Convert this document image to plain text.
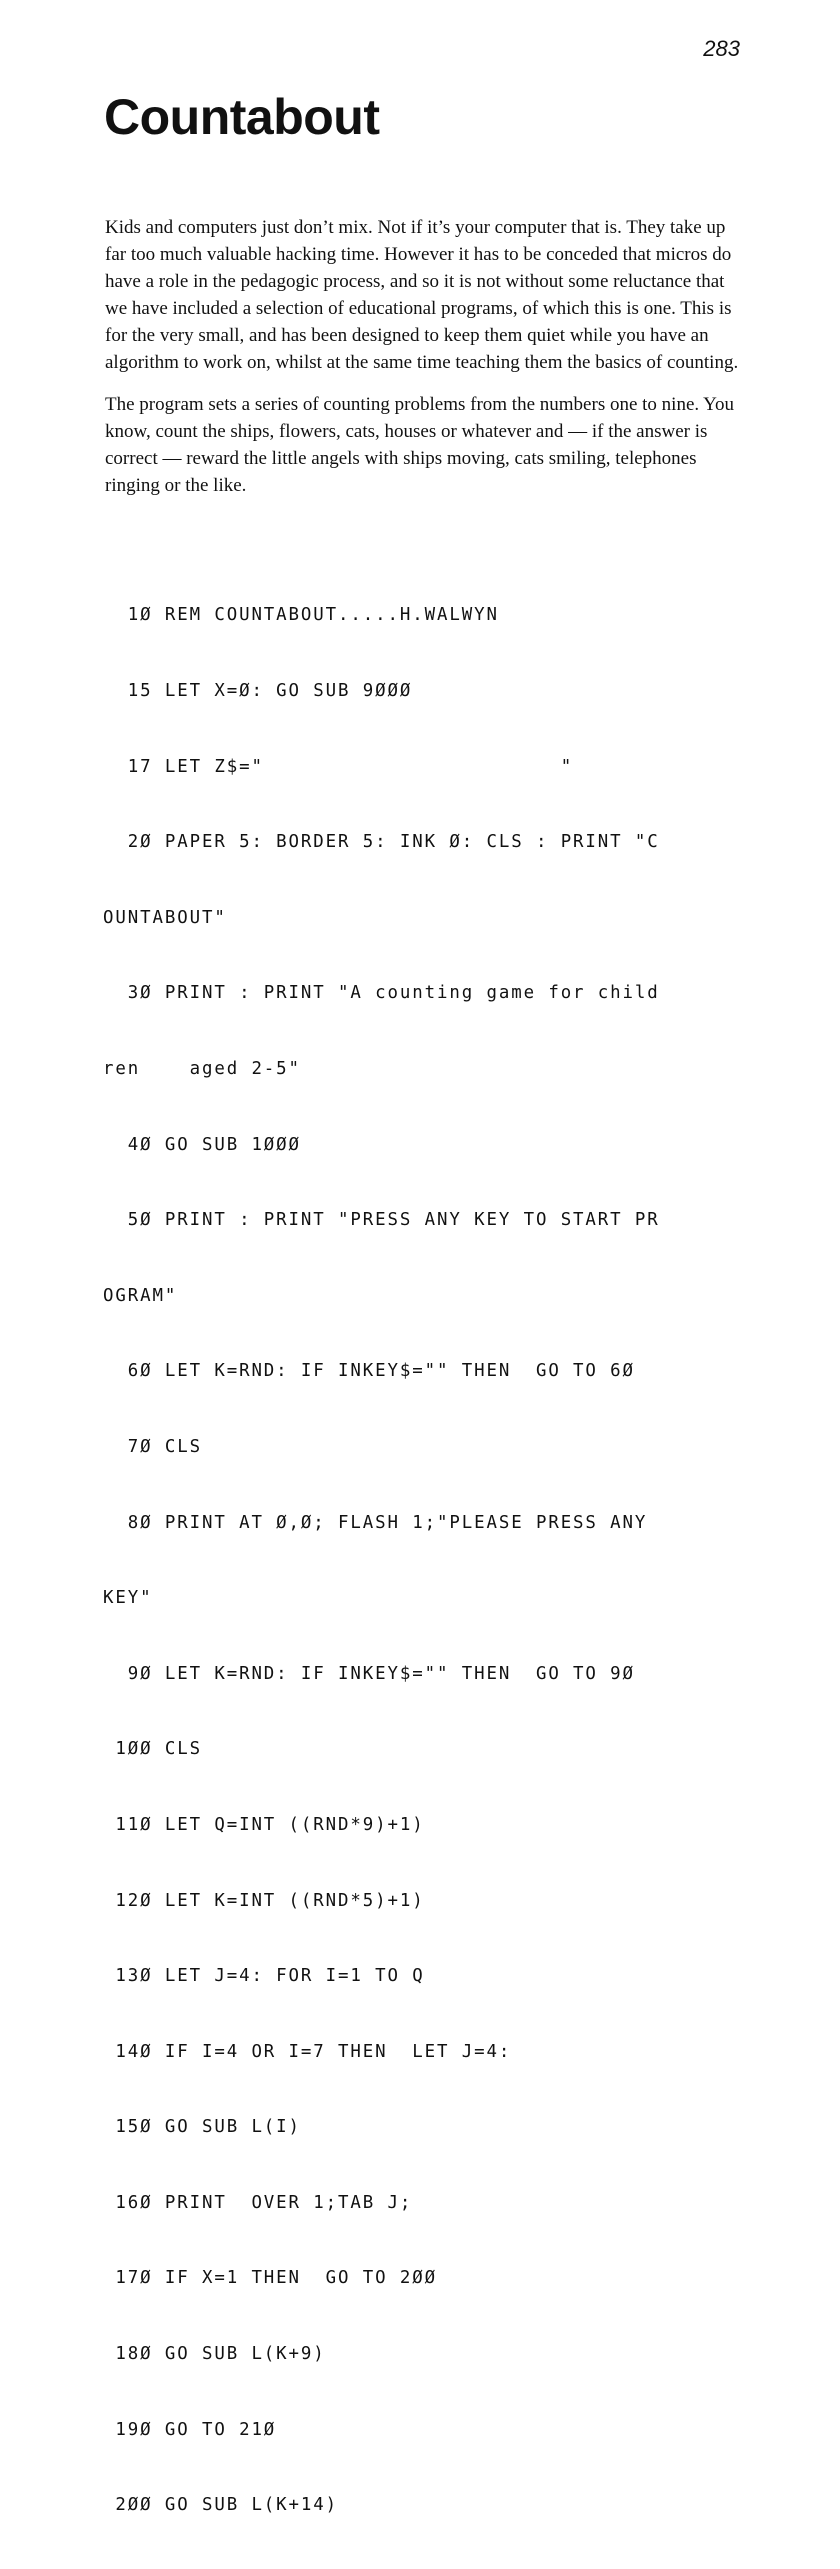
283
Countabout

Kids and computers just don’t mix. Not if it’s your computer that is. They take up far too much valuable hacking time. However it has to be conceded that micros do have a role in the pedagogic process, and so it is not without some reluctance that we have included a selection of educational programs, of which this is one. This is for the very small, and has been designed to keep them quiet while you have an algorithm to work on, whilst at the same time teaching them the basics of counting.

The program sets a series of counting problems from the numbers one to nine. You know, count the ships, flowers, cats, houses or whatever and — if the answer is correct — reward the little angels with ships moving, cats smiling, telephones ringing or the like.

1Ø REM COUNTABOUT.....H.WALWYN

15 LET X=Ø: GO SUB 9ØØØ

17 LET Z$="                        "

2Ø PAPER 5: BORDER 5: INK Ø: CLS : PRINT "C

OUNTABOUT"

3Ø PRINT : PRINT "A counting game for child

ren    aged 2-5"

4Ø GO SUB 1ØØØ

5Ø PRINT : PRINT "PRESS ANY KEY TO START PR

OGRAM"

6Ø LET K=RND: IF INKEY$="" THEN  GO TO 6Ø

7Ø CLS

8Ø PRINT AT Ø,Ø; FLASH 1;"PLEASE PRESS ANY

KEY"

9Ø LET K=RND: IF INKEY$="" THEN  GO TO 9Ø

1ØØ CLS

11Ø LET Q=INT ((RND*9)+1)

12Ø LET K=INT ((RND*5)+1)

13Ø LET J=4: FOR I=1 TO Q

14Ø IF I=4 OR I=7 THEN  LET J=4:

15Ø GO SUB L(I)

16Ø PRINT  OVER 1;TAB J;

17Ø IF X=1 THEN  GO TO 2ØØ

18Ø GO SUB L(K+9)

19Ø GO TO 21Ø

2ØØ GO SUB L(K+14)
